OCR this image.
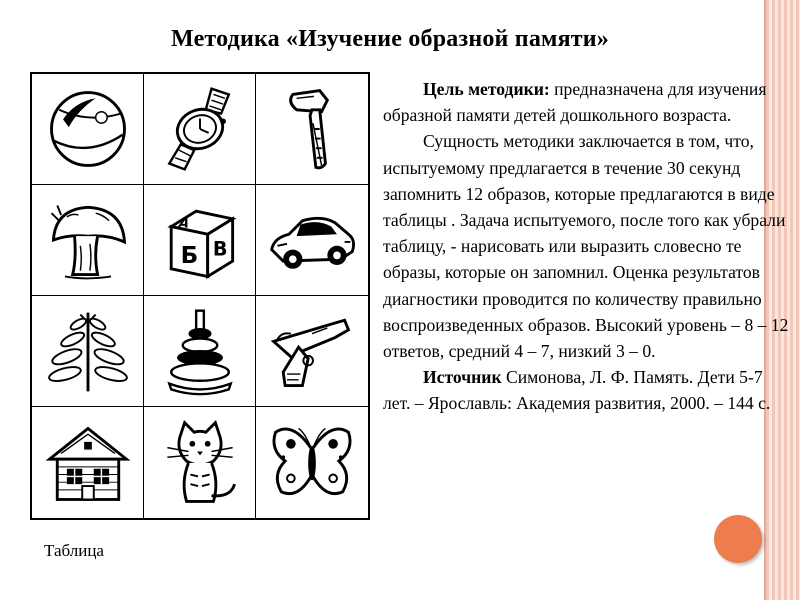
Методика «Изучение образной памяти»
А
Б В
Таблица

Цель методики: предназначена для изучения образной памяти детей дошкольного возраста.

Сущность методики заключается в том, что, испытуемому предлагается в течение 30 секунд запомнить 12 образов, которые предлагаются в виде таблицы . Задача испытуемого, после того как убрали таблицу, - нарисовать или выразить словесно те образы, которые он запомнил. Оценка результатов диагностики проводится по количеству правильно воспроизведенных образов. Высокий уровень – 8 – 12 ответов, средний 4 – 7, низкий 3 – 0.

Источник Симонова, Л. Ф. Память. Дети 5-7 лет. – Ярославль: Академия развития, 2000. – 144 с.
